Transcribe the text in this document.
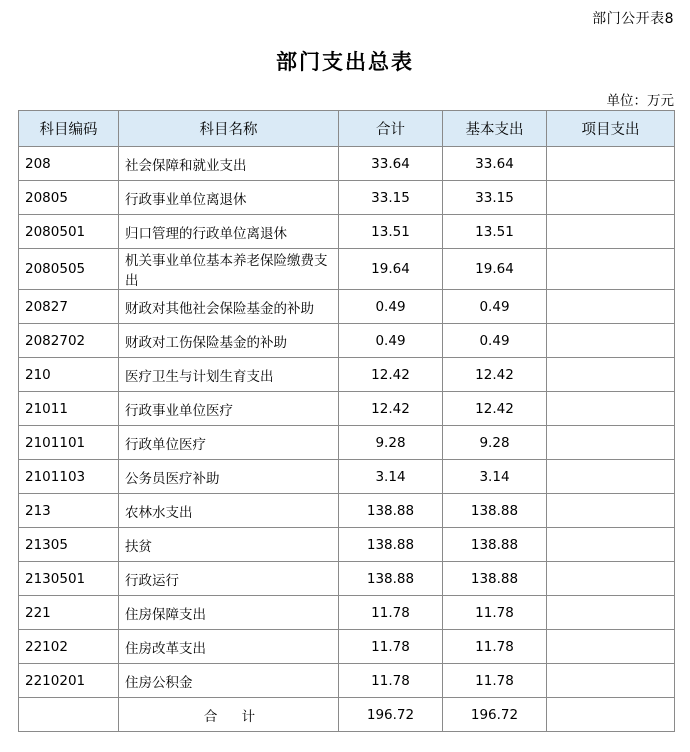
部门公开表8
部门支出总表
单位：万元
科目编码	科目名称	合计	基本支出	项目支出
208	社会保障和就业支出	33.64	33.64	
20805	行政事业单位离退休	33.15	33.15	
2080501	归口管理的行政单位离退休	13.51	13.51	
2080505	机关事业单位基本养老保险缴费支出	19.64	19.64	
20827	财政对其他社会保险基金的补助	0.49	0.49	
2082702	财政对工伤保险基金的补助	0.49	0.49	
210	医疗卫生与计划生育支出	12.42	12.42	
21011	行政事业单位医疗	12.42	12.42	
2101101	行政单位医疗	9.28	9.28	
2101103	公务员医疗补助	3.14	3.14	
213	农林水支出	138.88	138.88	
21305	扶贫	138.88	138.88	
2130501	行政运行	138.88	138.88	
221	住房保障支出	11.78	11.78	
22102	住房改革支出	11.78	11.78	
2210201	住房公积金	11.78	11.78	
	合 计	196.72	196.72	
